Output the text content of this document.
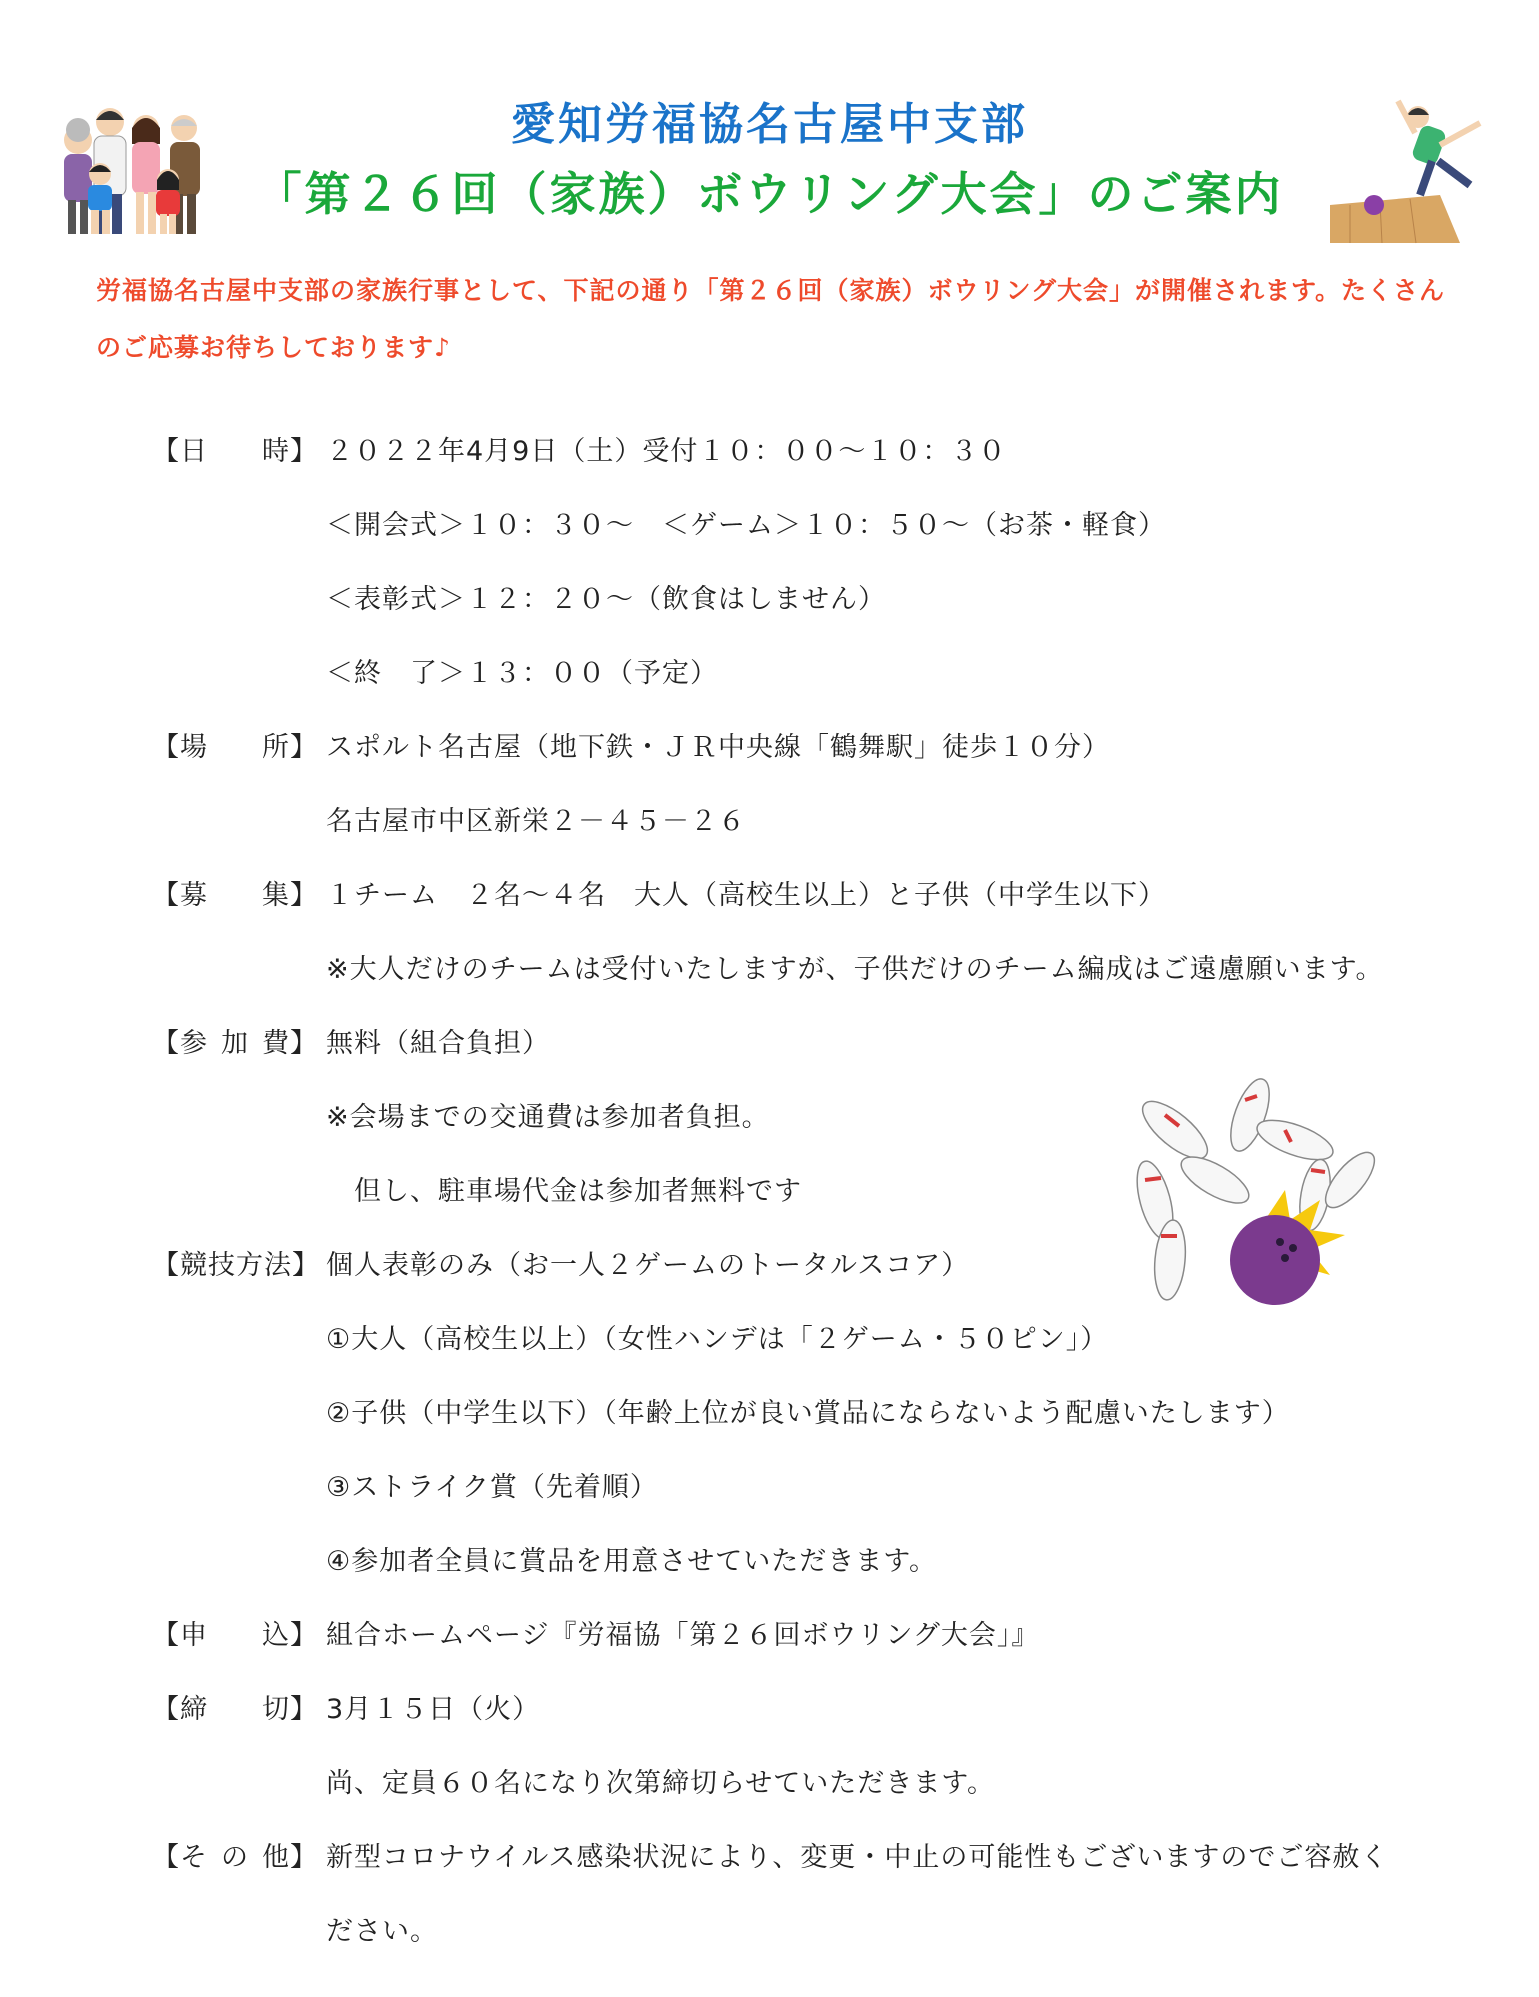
愛知労福協名古屋中支部
「第２６回（家族）ボウリング大会」のご案内
労福協名古屋中支部の家族行事として、下記の通り「第２６回（家族）ボウリング大会」が開催されます。たくさんのご応募お待ちしております♪
【日 時】 ２０２２年4月9日（土）受付１０：００～１０：３０
＜開会式＞１０：３０～　＜ゲーム＞１０：５０～（お茶・軽食）
＜表彰式＞１２：２０～（飲食はしません）
＜終　了＞１３：００（予定）
【場 所】 スポルト名古屋（地下鉄・ＪＲ中央線「鶴舞駅」徒歩１０分）
名古屋市中区新栄２－４５－２６
【募 集】 １チーム　２名～４名　大人（高校生以上）と子供（中学生以下）
※大人だけのチームは受付いたしますが、子供だけのチーム編成はご遠慮願います。
【参 加 費】 無料（組合負担）
※会場までの交通費は参加者負担。
　但し、駐車場代金は参加者無料です
【競技方法】 個人表彰のみ（お一人２ゲームのトータルスコア）
①大人（高校生以上）（女性ハンデは「２ゲーム・５０ピン」）
②子供（中学生以下）（年齢上位が良い賞品にならないよう配慮いたします）
③ストライク賞（先着順）
④参加者全員に賞品を用意させていただきます。
【申 込】 組合ホームページ『労福協「第２６回ボウリング大会」』
【締 切】 3月１５日（火）
尚、定員６０名になり次第締切らせていただきます。
【そ の 他】 新型コロナウイルス感染状況により、変更・中止の可能性もございますのでご容赦く
ださい。
